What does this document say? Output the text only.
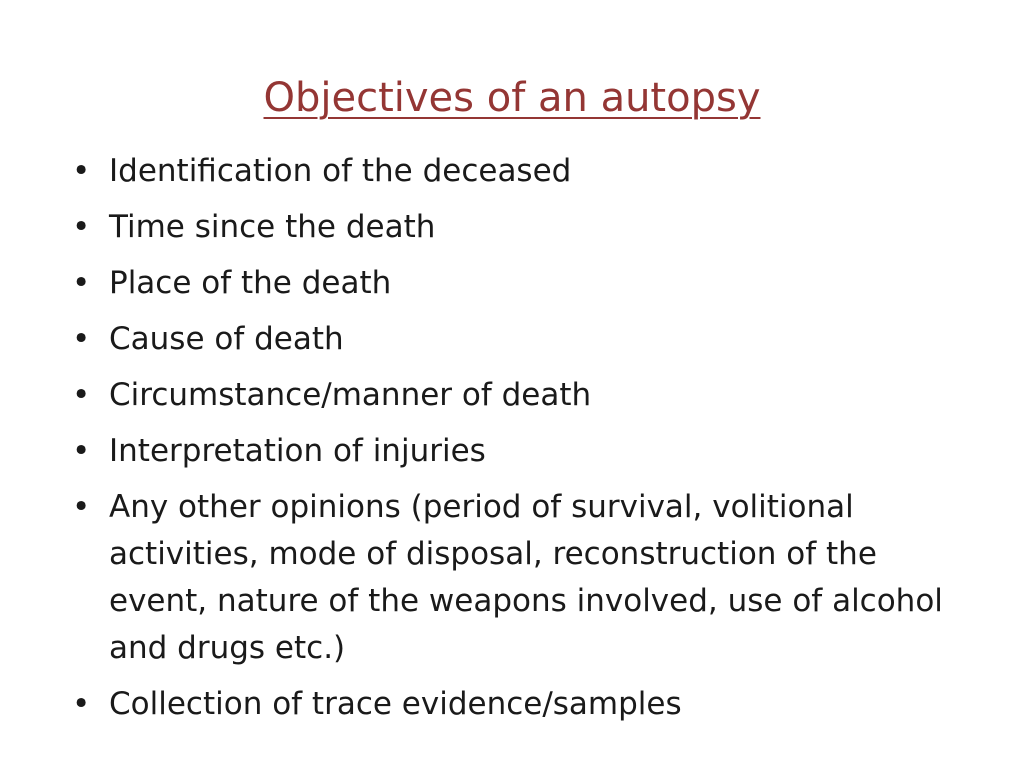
Objectives of an autopsy
• Identification of the deceased
• Time since the death
• Place of the death
• Cause of death
• Circumstance/manner of death
• Interpretation of injuries
• Any other opinions (period of survival, volitional activities, mode of disposal, reconstruction of the event, nature of the weapons involved, use of alcohol and drugs etc.)
• Collection of trace evidence/samples
